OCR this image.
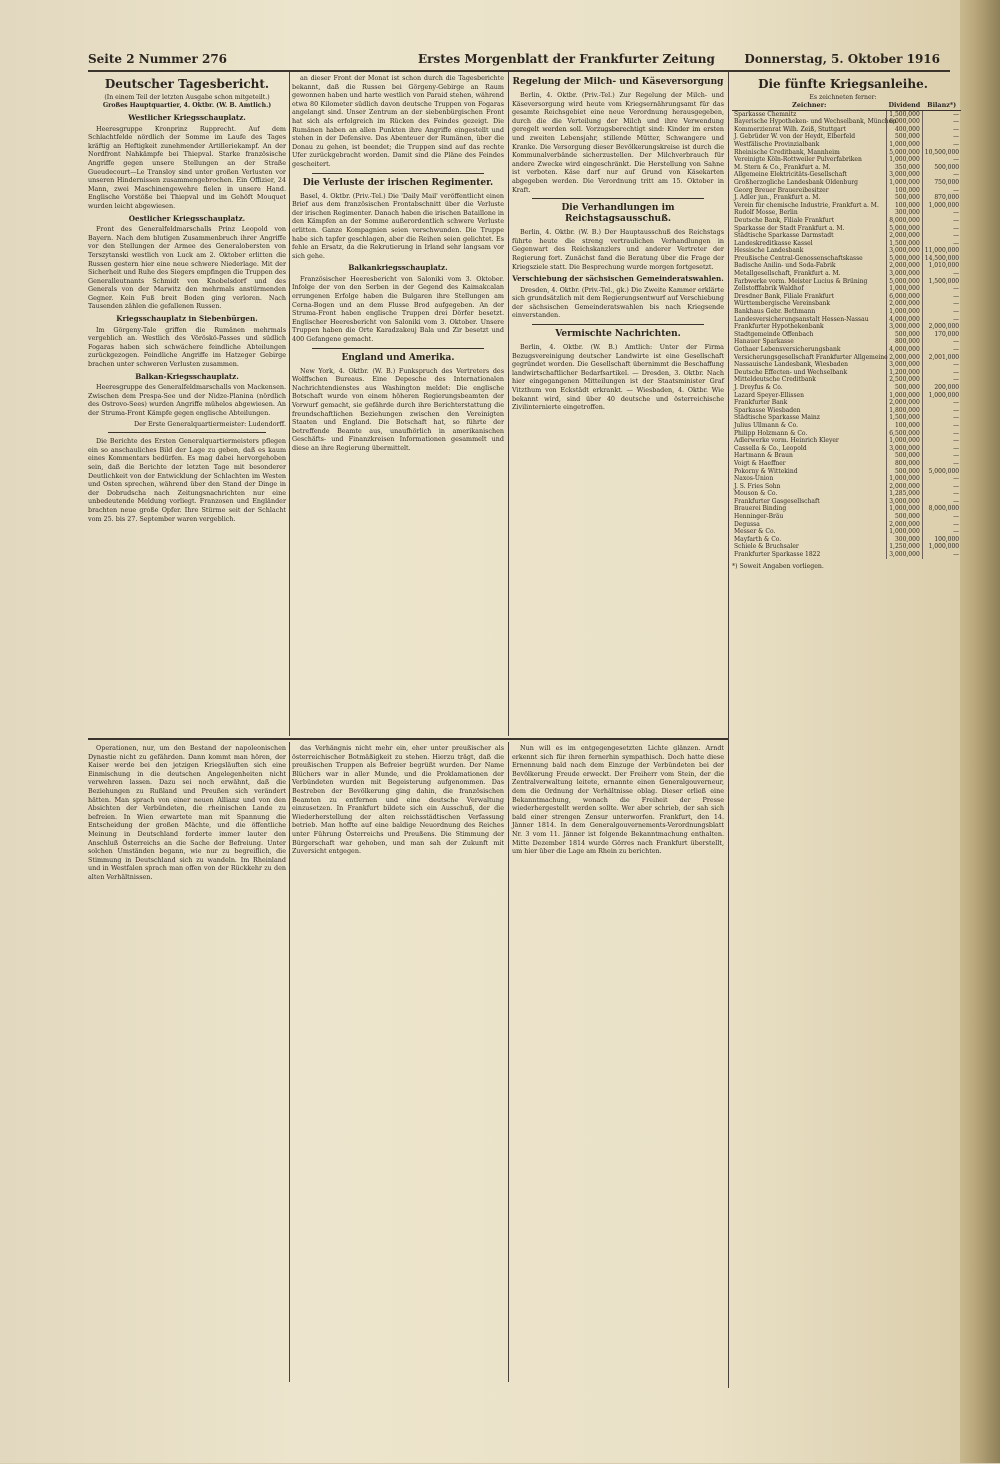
Seite 2 Nummer 276	Erstes Morgenblatt der Frankfurter Zeitung Donnerstag, 5. Oktober 1916
Deutscher Tagesbericht.
(In einem Teil der letzten Ausgabe schon mitgeteilt.)
Großes Hauptquartier, 4. Oktbr. (W. B. Amtlich.)
Westlicher Kriegsschauplatz.

Heeresgruppe Kronprinz Rupprecht. Auf dem Schlachtfelde nördlich der Somme im Laufe des Tages kräftig an Heftigkeit zunehmender Artilleriekampf. An der Nordfront Nahkämpfe bei Thiepval. Starke französische Angriffe gegen unsere Stellungen an der Straße Gueudecourt—Le Transloy sind unter großen Verlusten vor unseren Hindernissen zusammengebrochen. Ein Offizier, 24 Mann, zwei Maschinengewehre fielen in unsere Hand. Englische Vorstöße bei Thiepval und im Gehöft Mouquet wurden leicht abgewiesen.

Oestlicher Kriegsschauplatz.

Front des Generalfeldmarschalls Prinz Leopold von Bayern. Nach dem blutigen Zusammenbruch ihrer Angriffe vor den Stellungen der Armee des Generalobersten von Terszytanski westlich von Luck am 2. Oktober erlitten die Russen gestern hier eine neue schwere Niederlage. Mit der Sicherheit und Ruhe des Siegers empfingen die Truppen des Generalleutnants Schmidt von Knobelsdorf und des Generals von der Marwitz den mehrmals anstürmenden Gegner. Kein Fuß breit Boden ging verloren. Nach Tausenden zählen die gefallenen Russen.

Kriegsschauplatz in Siebenbürgen.

Im Görgeny-Tale griffen die Rumänen mehrmals vergeblich an. Westlich des Vöröskö-Passes und südlich Fogaras haben sich schwächere feindliche Abteilungen zurückgezogen. Feindliche Angriffe im Hatzeger Gebirge brachen unter schweren Verlusten zusammen.

Balkan-Kriegsschauplatz.

Heeresgruppe des Generalfeldmarschalls von Mackensen. Zwischen dem Prespa-See und der Nidze-Planina (nördlich des Ostrovo-Sees) wurden Angriffe mühelos abgewiesen. An der Struma-Front Kämpfe gegen englische Abteilungen.

Der Erste Generalquartiermeister: Ludendorff.

Die Berichte des Ersten Generalquartiermeisters pflegen ein so anschauliches Bild der Lage zu geben, daß es kaum eines Kommentars bedürfen. Es mag dabei hervorgehoben sein, daß die Berichte der letzten Tage mit besonderer Deutlichkeit von der Entwicklung der Schlachten im Westen und Osten sprechen, während über den Stand der Dinge in der Dobrudscha nach Zeitungsnachrichten nur eine unbedeutende Meldung vorliegt. Franzosen und Engländer brachten neue große Opfer. Ihre Stürme seit der Schlacht vom 25. bis 27. September waren vergeblich.

an dieser Front der Monat ist schon durch die Tagesberichte bekannt, daß die Russen bei Görgeny-Gebirge an Raum gewonnen haben und harte westlich von Paraid stehen, während etwa 80 Kilometer südlich davon deutsche Truppen von Fogaras angelangt sind. Unser Zentrum an der siebenbürgischen Front hat sich als erfolgreich im Rücken des Feindes gezeigt. Die Rumänen haben an allen Punkten ihre Angriffe eingestellt und stehen in der Defensive. Das Abenteuer der Rumänen, über die Donau zu gehen, ist beendet; die Truppen sind auf das rechte Ufer zurückgebracht worden. Damit sind die Pläne des Feindes gescheitert.

Die Verluste der irischen Regimenter.

Basel, 4. Oktbr. (Priv.-Tel.) Die 'Daily Mail' veröffentlicht einen Brief aus dem französischen Frontabschnitt über die Verluste der irischen Regimenter. Danach haben die irischen Bataillone in den Kämpfen an der Somme außerordentlich schwere Verluste erlitten. Ganze Kompagnien seien verschwunden. Die Truppe habe sich tapfer geschlagen, aber die Reihen seien gelichtet. Es fehle an Ersatz, da die Rekrutierung in Irland sehr langsam vor sich gehe.

Balkankriegsschauplatz.

Französischer Heeresbericht von Saloniki vom 3. Oktober. Infolge der von den Serben in der Gegend des Kaimakcalan errungenen Erfolge haben die Bulgaren ihre Stellungen am Cerna-Bogen und an dem Flusse Brod aufgegeben. An der Struma-Front haben englische Truppen drei Dörfer besetzt. Englischer Heeresbericht von Saloniki vom 3. Oktober. Unsere Truppen haben die Orte Karadzakeuj Bala und Zir besetzt und 400 Gefangene gemacht.

England und Amerika.

New York, 4. Oktbr. (W. B.) Funkspruch des Vertreters des Wolffschen Bureaus. Eine Depesche des Internationalen Nachrichtendienstes aus Washington meldet: Die englische Botschaft wurde von einem höheren Regierungsbeamten der Vorwurf gemacht, sie gefährde durch ihre Berichterstattung die freundschaftlichen Beziehungen zwischen den Vereinigten Staaten und England. Die Botschaft hat, so führte der betreffende Beamte aus, unaufhörlich in amerikanischen Geschäfts- und Finanzkreisen Informationen gesammelt und diese an ihre Regierung übermittelt.

Regelung der Milch- und Käseversorgung

Berlin, 4. Oktbr. (Priv.-Tel.) Zur Regelung der Milch- und Käseversorgung wird heute vom Kriegsernährungsamt für das gesamte Reichsgebiet eine neue Verordnung herausgegeben, durch die die Verteilung der Milch und ihre Verwendung geregelt werden soll. Vorzugsberechtigt sind: Kinder im ersten und zweiten Lebensjahr, stillende Mütter, Schwangere und Kranke. Die Versorgung dieser Bevölkerungskreise ist durch die Kommunalverbände sicherzustellen. Der Milchverbrauch für andere Zwecke wird eingeschränkt. Die Herstellung von Sahne ist verboten. Käse darf nur auf Grund von Käsekarten abgegeben werden. Die Verordnung tritt am 15. Oktober in Kraft.

Die Verhandlungen im Reichstagsausschuß.

Berlin, 4. Oktbr. (W. B.) Der Hauptausschuß des Reichstags führte heute die streng vertraulichen Verhandlungen in Gegenwart des Reichskanzlers und anderer Vertreter der Regierung fort. Zunächst fand die Beratung über die Frage der Kriegsziele statt. Die Besprechung wurde morgen fortgesetzt.

Verschiebung der sächsischen Gemeinderatswahlen.

Dresden, 4. Oktbr. (Priv.-Tel., gk.) Die Zweite Kammer erklärte sich grundsätzlich mit dem Regierungsentwurf auf Verschiebung der sächsischen Gemeinderatswahlen bis nach Kriegsende einverstanden.

Vermischte Nachrichten.

Berlin, 4. Oktbr. (W. B.) Amtlich: Unter der Firma Bezugsvereinigung deutscher Landwirte ist eine Gesellschaft gegründet worden. Die Gesellschaft übernimmt die Beschaffung landwirtschaftlicher Bedarfsartikel. — Dresden, 3. Oktbr. Nach hier eingegangenen Mitteilungen ist der Staatsminister Graf Vitzthum von Eckstädt erkrankt. — Wiesbaden, 4. Oktbr. Wie bekannt wird, sind über 40 deutsche und österreichische Zivilinternierte eingetroffen.

Die fünfte Kriegsanleihe.
Es zeichneten ferner:
Zeichner:	Dividend	Bilanz*)
Sparkasse Chemnitz	1,500,000	—
Bayerische Hypotheken- und Wechselbank, München	6,000,000	—
Kommerzienrat Wilh. Zeiß, Stuttgart	400,000	—
J. Gebrüder W. von der Heydt, Elberfeld	500,000	—
Westfälische Provinzialbank	1,000,000	—
Rheinische Creditbank, Mannheim	5,000,000	10,500,000
Vereinigte Köln-Rottweiler Pulverfabriken	1,000,000	—
M. Stern & Co., Frankfurt a. M.	350,000	500,000
Allgemeine Elektricitäts-Gesellschaft	3,000,000	—
Großherzogliche Landesbank Oldenburg	1,000,000	750,000
Georg Breuer Brauereibesitzer	100,000	—
J. Adler jun., Frankfurt a. M.	500,000	870,000
Verein für chemische Industrie, Frankfurt a. M.	100,000	1,000,000
Rudolf Mosse, Berlin	300,000	—
Deutsche Bank, Filiale Frankfurt	8,000,000	—
Sparkasse der Stadt Frankfurt a. M.	5,000,000	—
Städtische Sparkasse Darmstadt	2,000,000	—
Landeskreditkasse Kassel	1,500,000	—
Hessische Landesbank	3,000,000	11,000,000
Preußische Central-Genossenschaftskasse	5,000,000	14,500,000
Badische Anilin- und Soda-Fabrik	2,000,000	1,010,000
Metallgesellschaft, Frankfurt a. M.	3,000,000	—
Farbwerke vorm. Meister Lucius & Brüning	5,000,000	1,500,000
Zellstofffabrik Waldhof	1,000,000	—
Dresdner Bank, Filiale Frankfurt	6,000,000	—
Württembergische Vereinsbank	2,000,000	—
Bankhaus Gebr. Bethmann	1,000,000	—
Landesversicherungsanstalt Hessen-Nassau	4,000,000	—
Frankfurter Hypothekenbank	3,000,000	2,000,000
Stadtgemeinde Offenbach	500,000	170,000
Hanauer Sparkasse	800,000	—
Gothaer Lebensversicherungsbank	4,000,000	—
Versicherungsgesellschaft Frankfurter Allgemeine	2,000,000	2,001,000
Nassauische Landesbank, Wiesbaden	3,000,000	—
Deutsche Effecten- und Wechselbank	1,200,000	—
Mitteldeutsche Creditbank	2,500,000	—
J. Dreyfus & Co.	500,000	200,000
Lazard Speyer-Ellissen	1,000,000	1,000,000
Frankfurter Bank	2,000,000	—
Sparkasse Wiesbaden	1,800,000	—
Städtische Sparkasse Mainz	1,500,000	—
Julius Ullmann & Co.	100,000	—
Philipp Holzmann & Co.	6,500,000	—
Adlerwerke vorm. Heinrich Kleyer	1,000,000	—
Cassella & Co., Leopold	3,000,000	—
Hartmann & Braun	500,000	—
Voigt & Haeffner	800,000	—
Pokorny & Wittekind	500,000	5,000,000
Naxos-Union	1,000,000	—
J. S. Fries Sohn	2,000,000	—
Mouson & Co.	1,285,000	—
Frankfurter Gasgesellschaft	3,000,000	—
Brauerei Binding	1,000,000	8,000,000
Henninger-Bräu	500,000	—
Degussa	2,000,000	—
Messer & Co.	1,000,000	—
Mayfarth & Co.	300,000	100,000
Schiele & Bruchsaler	1,250,000	1,000,000
Frankfurter Sparkasse 1822	3,000,000	—
*) Soweit Angaben vorliegen.

Operationen, nur, um den Bestand der napoleonischen Dynastie nicht zu gefährden. Dann kommt man hören, der Kaiser werde bei den jetzigen Kriegsläuften sich eine Einmischung in die deutschen Angelegenheiten nicht verwehren lassen. Dazu sei noch erwähnt, daß die Beziehungen zu Rußland und Preußen sich verändert hätten. Man sprach von einer neuen Allianz und von den Absichten der Verbündeten, die rheinischen Lande zu befreien. In Wien erwartete man mit Spannung die Entscheidung der großen Mächte, und die öffentliche Meinung in Deutschland forderte immer lauter den Anschluß Österreichs an die Sache der Befreiung. Unter solchen Umständen begann, wie nur zu begreiflich, die Stimmung in Deutschland sich zu wandeln. Im Rheinland und in Westfalen sprach man offen von der Rückkehr zu den alten Verhältnissen.

das Verhängnis nicht mehr ein, eher unter preußischer als österreichischer Botmäßigkeit zu stehen. Hierzu trägt, daß die preußischen Truppen als Befreier begrüßt wurden. Der Name Blüchers war in aller Munde, und die Proklamationen der Verbündeten wurden mit Begeisterung aufgenommen. Das Bestreben der Bevölkerung ging dahin, die französischen Beamten zu entfernen und eine deutsche Verwaltung einzusetzen. In Frankfurt bildete sich ein Ausschuß, der die Wiederherstellung der alten reichsstädtischen Verfassung betrieb. Man hoffte auf eine baldige Neuordnung des Reiches unter Führung Österreichs und Preußens. Die Stimmung der Bürgerschaft war gehoben, und man sah der Zukunft mit Zuversicht entgegen.

Nun will es im entgegengesetzten Lichte glänzen. Arndt erkennt sich für ihren fernerhin sympathisch. Doch hatte diese Ernennung bald nach dem Einzuge der Verbündeten bei der Bevölkerung Freude erweckt. Der Freiherr vom Stein, der die Zentralverwaltung leitete, ernannte einen Generalgouverneur, dem die Ordnung der Verhältnisse oblag. Dieser erließ eine Bekanntmachung, wonach die Freiheit der Presse wiederhergestellt werden sollte. Wer aber schrieb, der sah sich bald einer strengen Zensur unterworfen. Frankfurt, den 14. Jänner 1814. In dem Generalgouvernements-Verordnungsblatt Nr. 3 vom 11. Jänner ist folgende Bekanntmachung enthalten. Mitte Dezember 1814 wurde Görres nach Frankfurt überstellt, um hier über die Lage am Rhein zu berichten.
